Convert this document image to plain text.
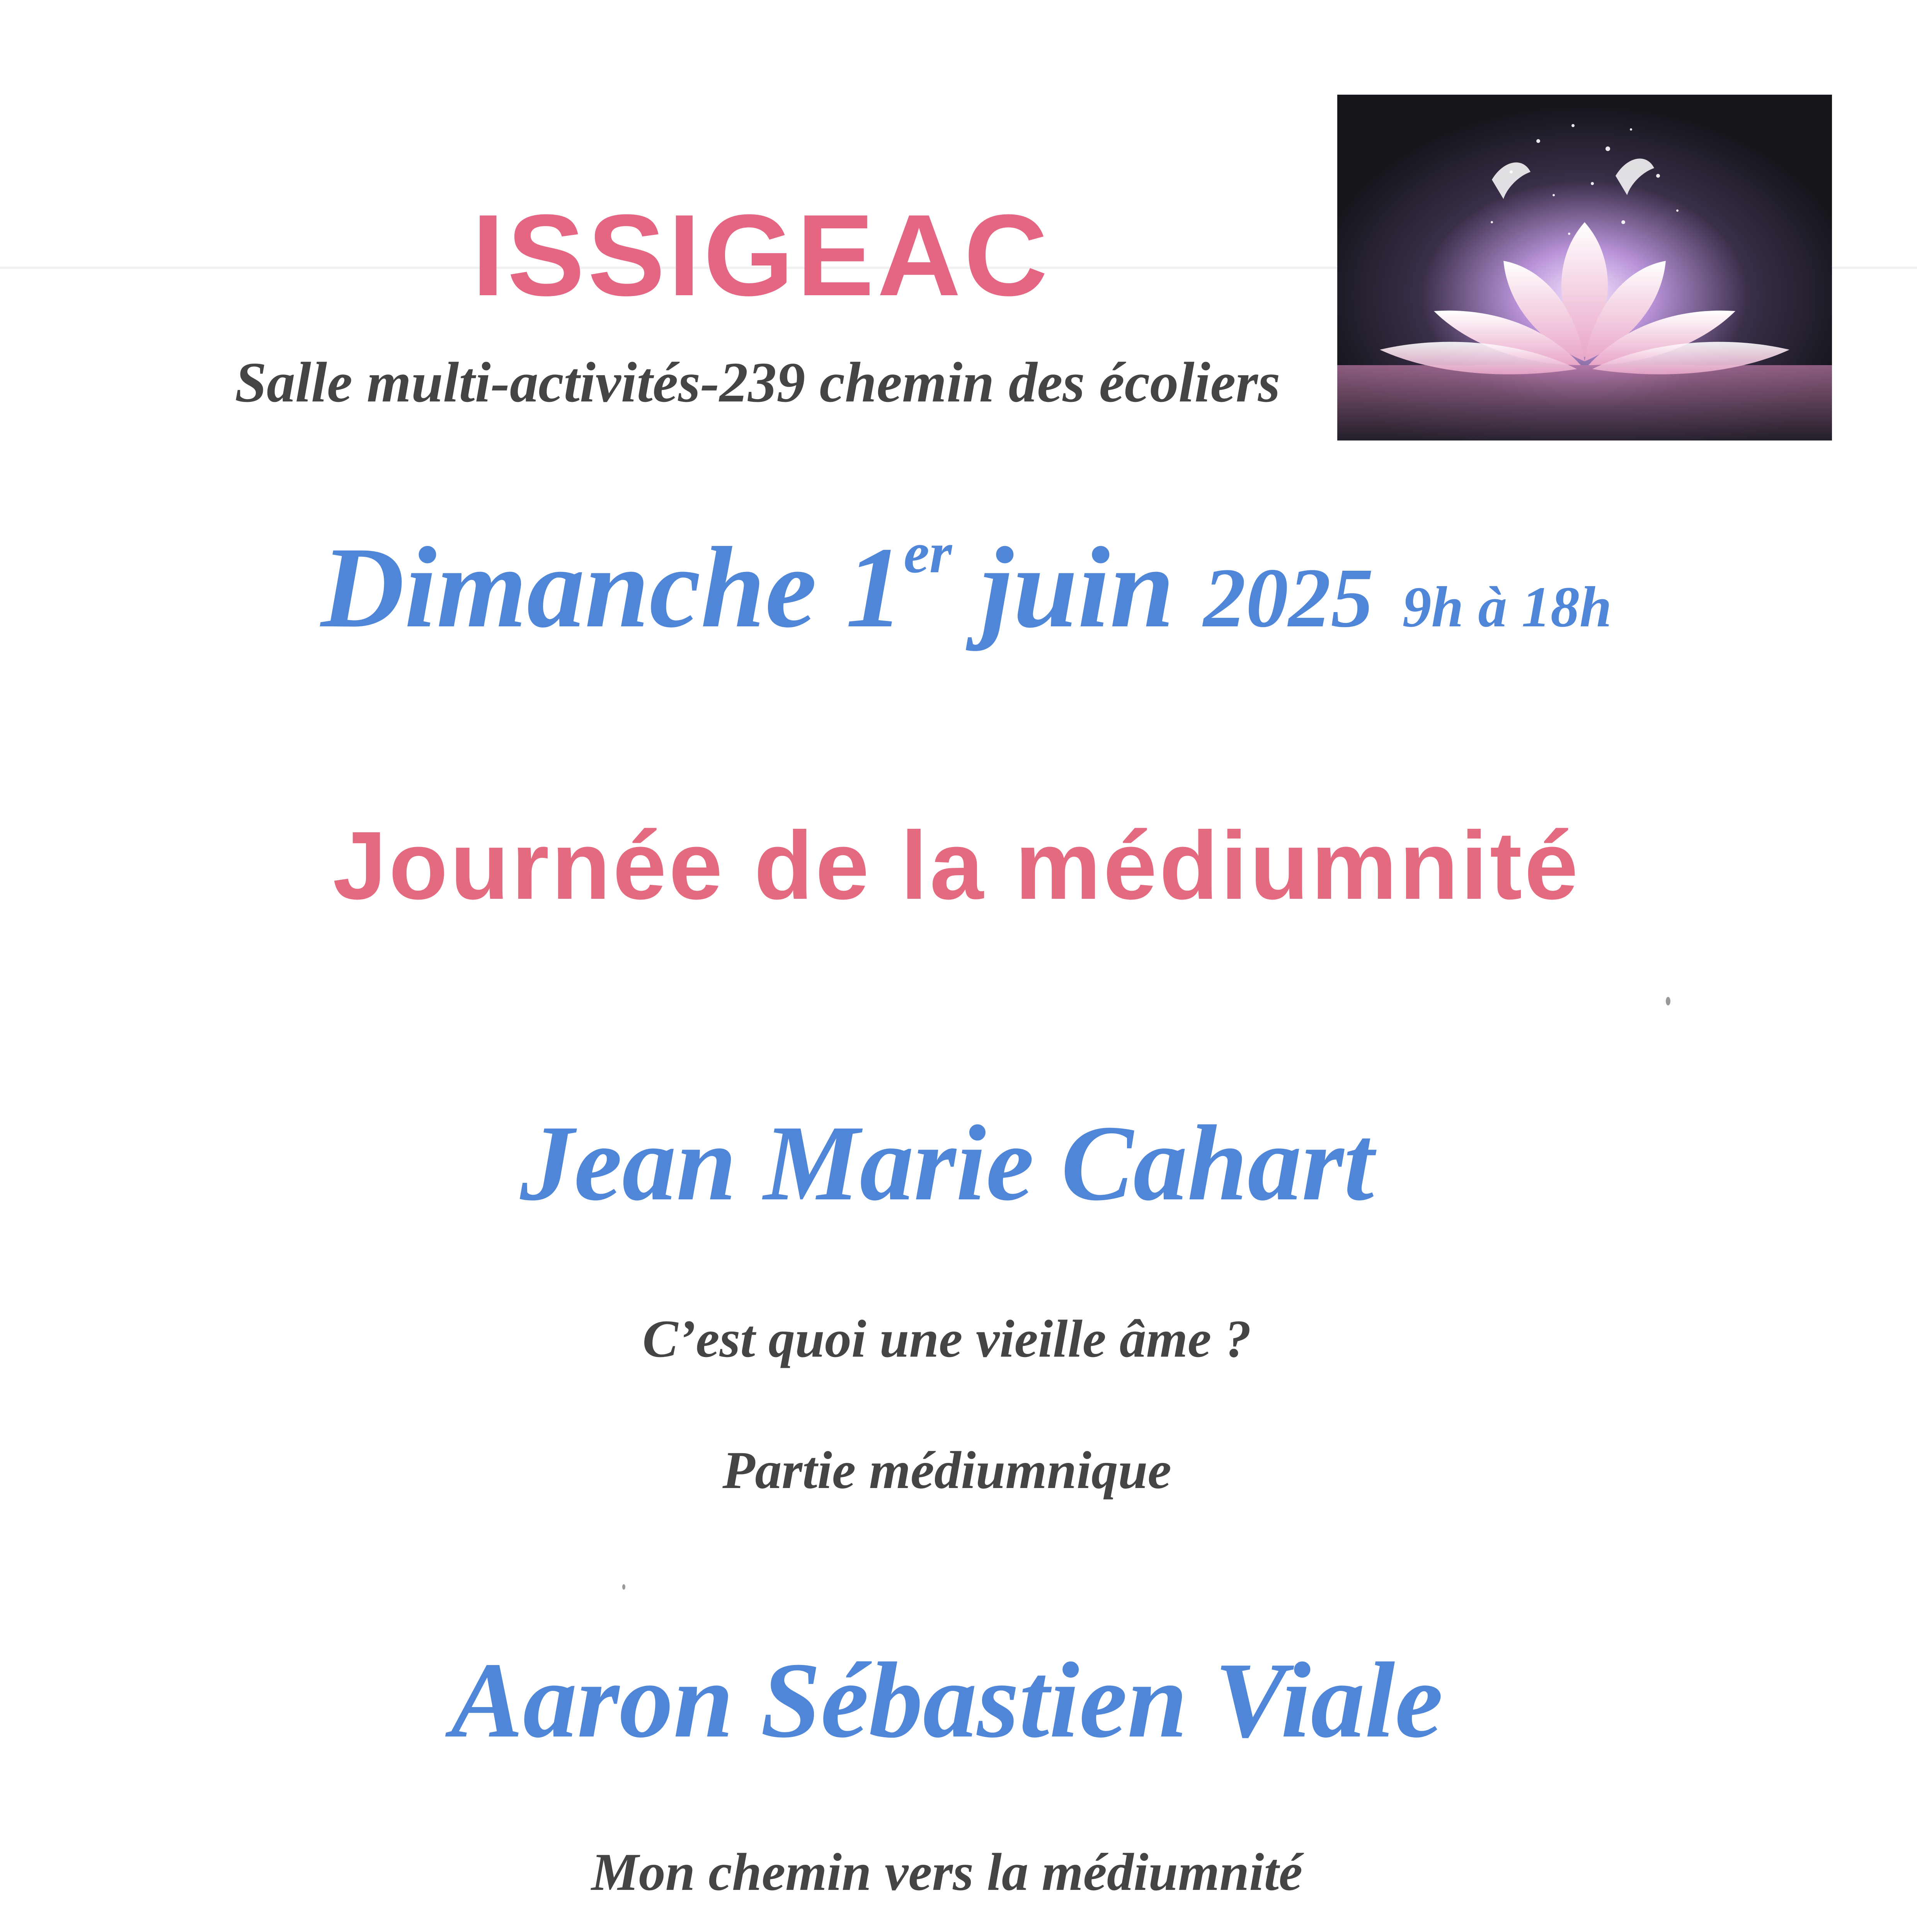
ISSIGEAC

Salle multi-activités-239 chemin des écoliers

Dimanche 1er juin 2025 9h à 18h
Journée de la médiumnité
Jean Marie Cahart

C’est quoi une vieille âme ?

Partie médiumnique

Aaron Sébastien Viale

Mon chemin vers la médiumnité
